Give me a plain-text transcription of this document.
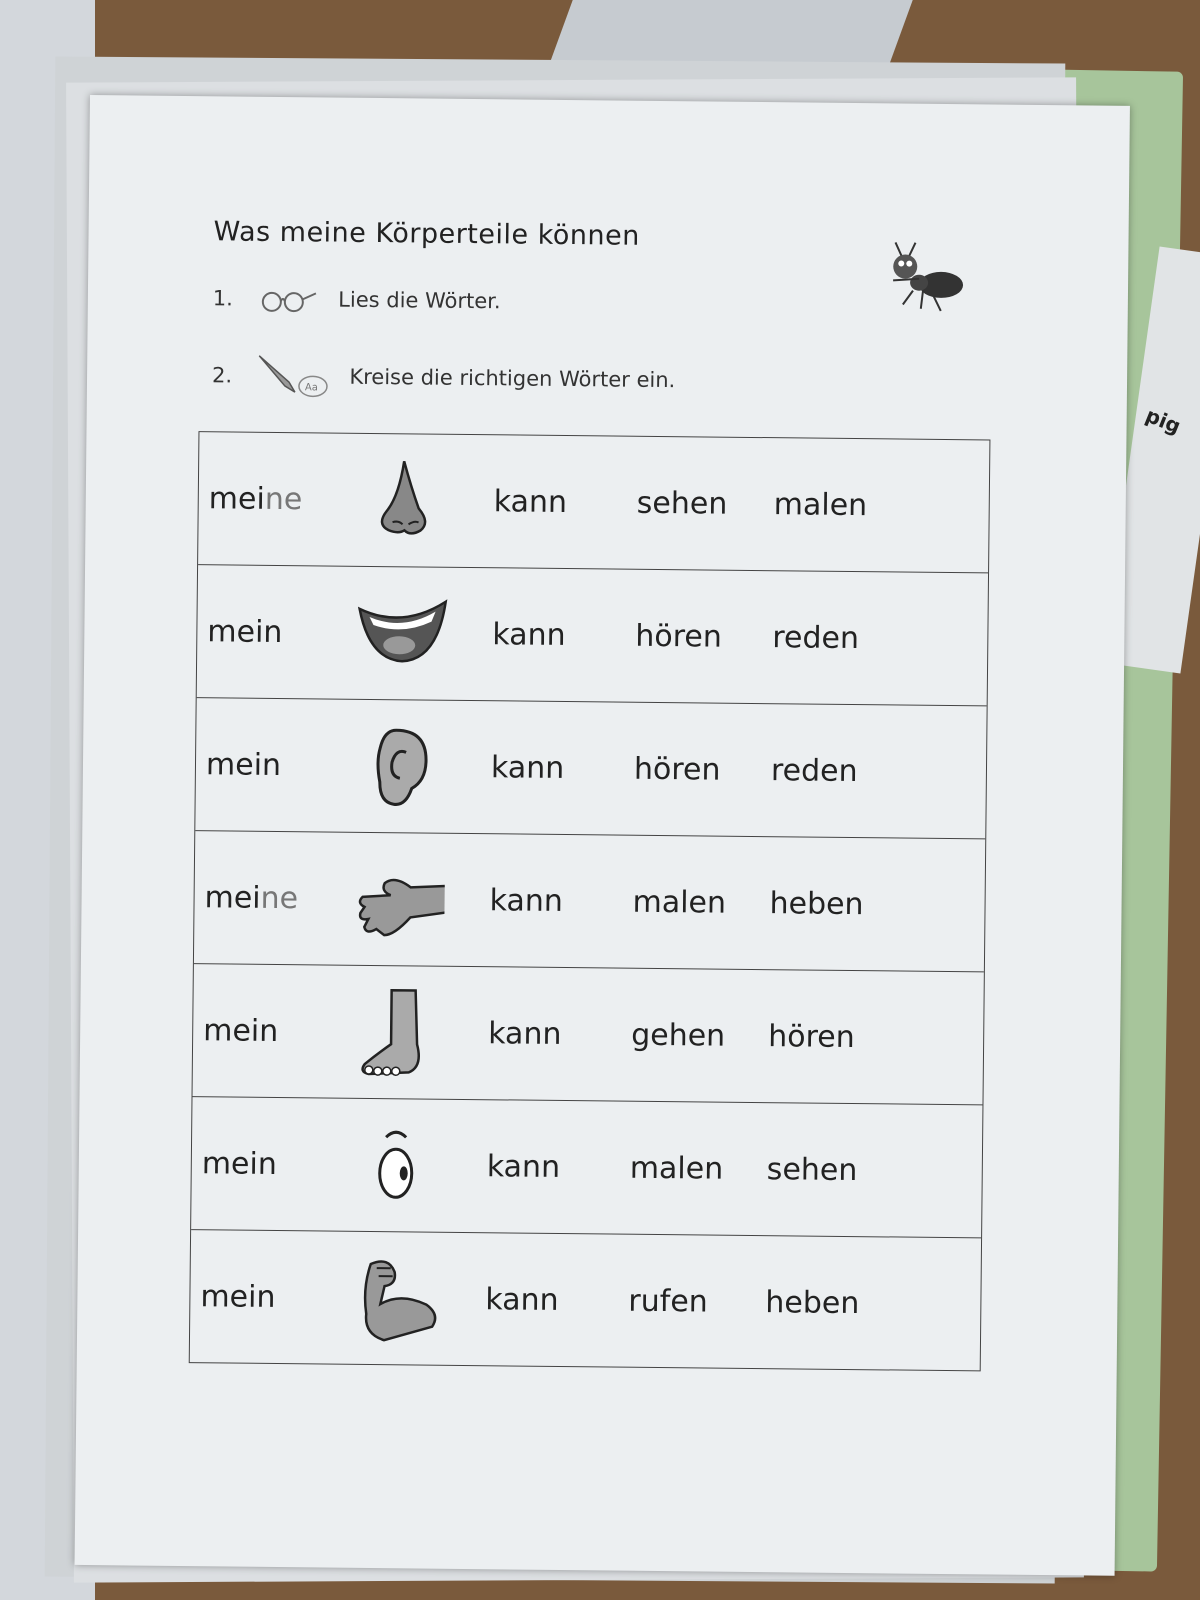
pig
Was meine Körperteile können
1.	Lies die Wörter.
2.
Aa Kreise die richtigen Wörter ein.
meine	kann sehen malen
mein	kann hören reden
mein	kann hören reden
meine	kann malen heben
mein	kann gehen hören
mein	kann malen sehen
mein	kann rufen heben
